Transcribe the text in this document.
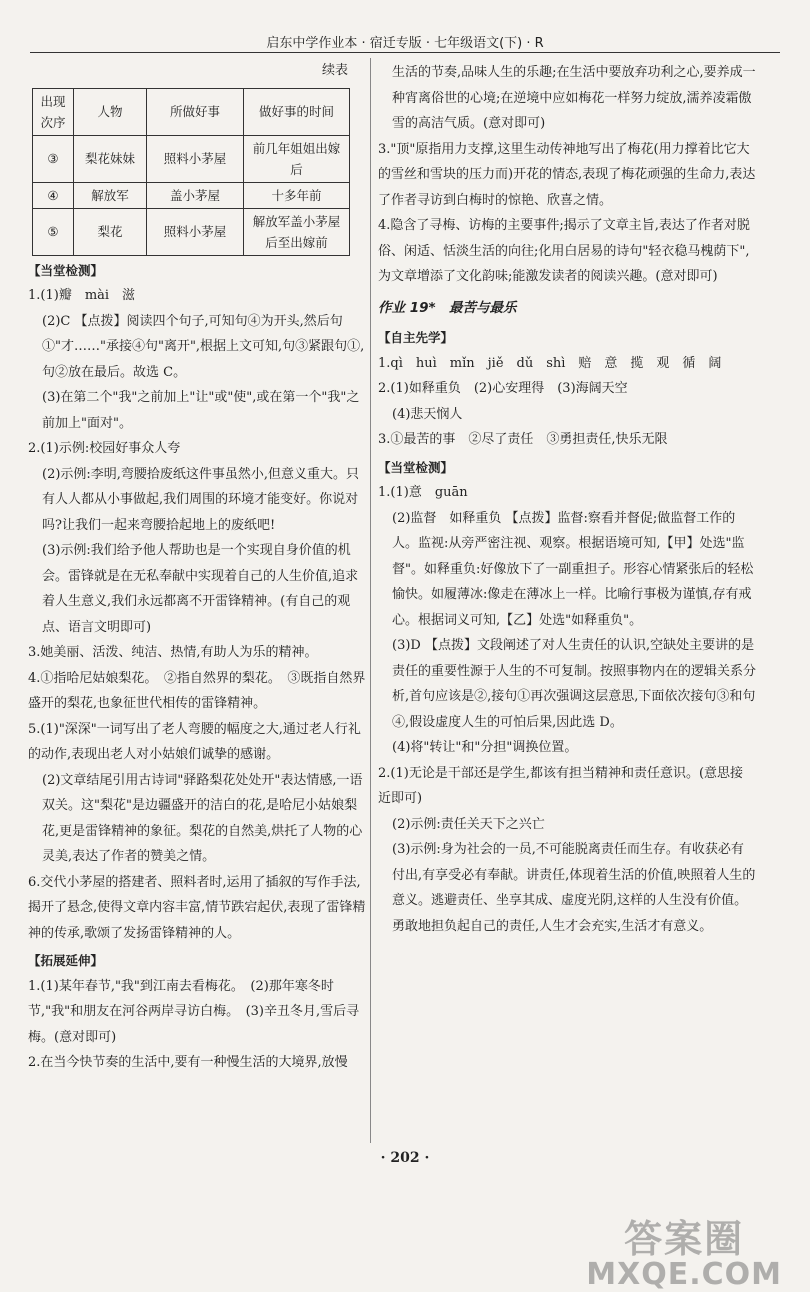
启东中学作业本 · 宿迁专版 · 七年级语文(下) · R

续表

出现次序	人物	所做好事	做好事的时间
③	梨花妹妹	照料小茅屋	前几年姐姐出嫁后
④	解放军	盖小茅屋	十多年前
⑤	梨花	照料小茅屋	解放军盖小茅屋后至出嫁前

【当堂检测】

1.(1)瓣　mài　滋

(2)C 【点拨】阅读四个句子,可知句④为开头,然后句①"才……"承接④句"离开",根据上文可知,句③紧跟句①,句②放在最后。故选 C。

(3)在第二个"我"之前加上"让"或"使",或在第一个"我"之前加上"面对"。

2.(1)示例:校园好事众人夸

(2)示例:李明,弯腰拾废纸这件事虽然小,但意义重大。只有人人都从小事做起,我们周围的环境才能变好。你说对吗?让我们一起来弯腰拾起地上的废纸吧!

(3)示例:我们给予他人帮助也是一个实现自身价值的机会。雷锋就是在无私奉献中实现着自己的人生价值,追求着人生意义,我们永远都离不开雷锋精神。(有自己的观点、语言文明即可)

3.她美丽、活泼、纯洁、热情,有助人为乐的精神。

4.①指哈尼姑娘梨花。　②指自然界的梨花。　③既指自然界盛开的梨花,也象征世代相传的雷锋精神。

5.(1)"深深"一词写出了老人弯腰的幅度之大,通过老人行礼的动作,表现出老人对小姑娘们诚挚的感谢。

(2)文章结尾引用古诗词"驿路梨花处处开"表达情感,一语双关。这"梨花"是边疆盛开的洁白的花,是哈尼小姑娘梨花,更是雷锋精神的象征。梨花的自然美,烘托了人物的心灵美,表达了作者的赞美之情。

6.交代小茅屋的搭建者、照料者时,运用了插叙的写作手法,揭开了悬念,使得文章内容丰富,情节跌宕起伏,表现了雷锋精神的传承,歌颂了发扬雷锋精神的人。

【拓展延伸】

1.(1)某年春节,"我"到江南去看梅花。　(2)那年寒冬时节,"我"和朋友在河谷两岸寻访白梅。　(3)辛丑冬月,雪后寻梅。(意对即可)

2.在当今快节奏的生活中,要有一种慢生活的大境界,放慢

生活的节奏,品味人生的乐趣;在生活中要放弃功利之心,要养成一种宵离俗世的心境;在逆境中应如梅花一样努力绽放,濡养凌霜傲雪的高洁气质。(意对即可)

3."顶"原指用力支撑,这里生动传神地写出了梅花(用力撑着比它大的雪丝和雪块的压力而)开花的情态,表现了梅花顽强的生命力,表达了作者寻访到白梅时的惊艳、欣喜之情。

4.隐含了寻梅、访梅的主要事件;揭示了文章主旨,表达了作者对脱俗、闲适、恬淡生活的向往;化用白居易的诗句"轻衣稳马槐荫下",为文章增添了文化韵味;能激发读者的阅读兴趣。(意对即可)

作业 19*　最苦与最乐

【自主先学】

1.qì　huì　mǐn　jiě　dǔ　shì　赔　意　揽　观　循　阔

2.(1)如释重负　(2)心安理得　(3)海阔天空

(4)悲天悯人

3.①最苦的事　②尽了责任　③勇担责任,快乐无限

【当堂检测】

1.(1)意　guān

(2)监督　如释重负 【点拨】监督:察看并督促;做监督工作的人。监视:从旁严密注视、观察。根据语境可知,【甲】处选"监督"。如释重负:好像放下了一副重担子。形容心情紧张后的轻松愉快。如履薄冰:像走在薄冰上一样。比喻行事极为谨慎,存有戒心。根据词义可知,【乙】处选"如释重负"。

(3)D 【点拨】文段阐述了对人生责任的认识,空缺处主要讲的是责任的重要性源于人生的不可复制。按照事物内在的逻辑关系分析,首句应该是②,接句①再次强调这层意思,下面依次接句③和句④,假设虚度人生的可怕后果,因此选 D。

(4)将"转让"和"分担"调换位置。

2.(1)无论是干部还是学生,都该有担当精神和责任意识。(意思接近即可)

(2)示例:责任关天下之兴亡

(3)示例:身为社会的一员,不可能脱离责任而生存。有收获必有付出,有享受必有奉献。讲责任,体现着生活的价值,映照着人生的意义。逃避责任、坐享其成、虚度光阴,这样的人生没有价值。勇敢地担负起自己的责任,人生才会充实,生活才有意义。

· 202 ·
答案圈
MXQE.COM
